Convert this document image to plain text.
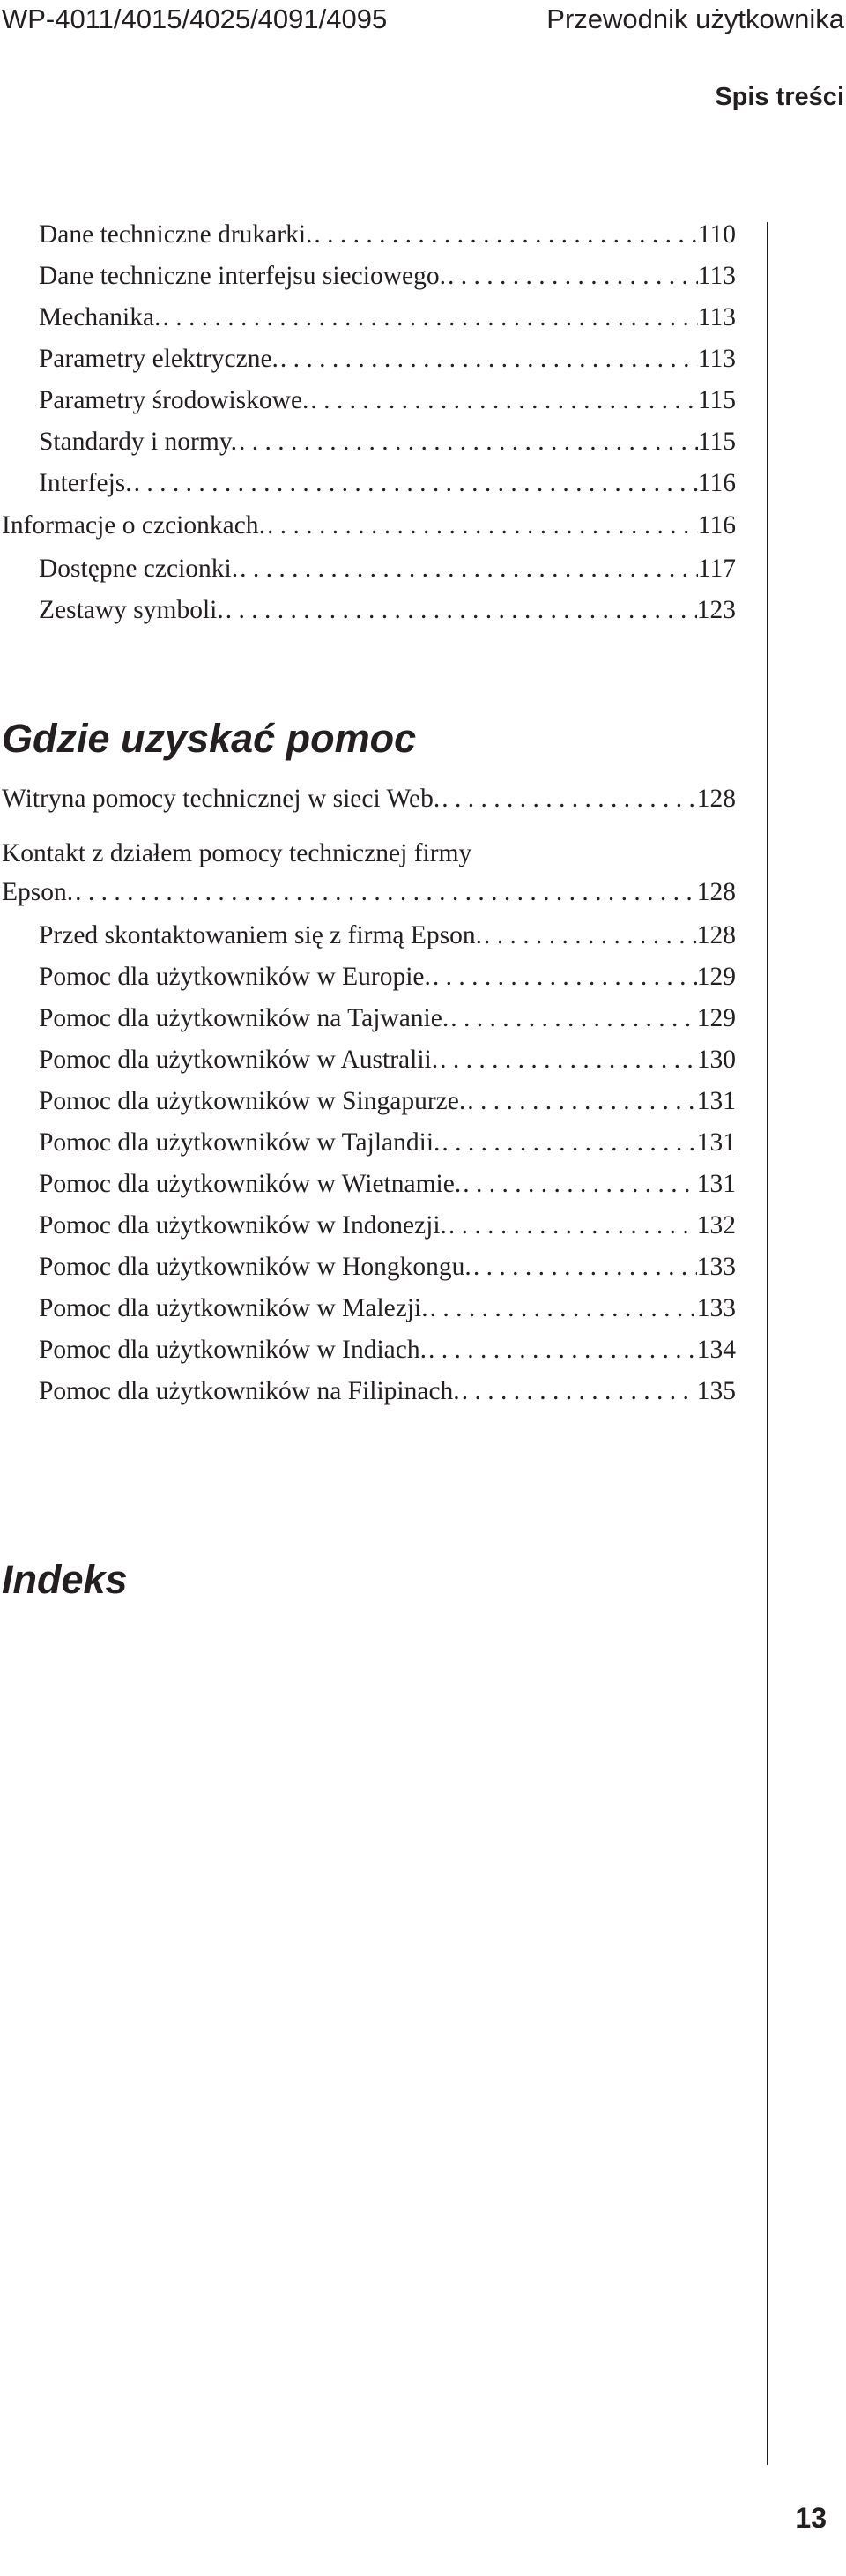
WP-4011/4015/4025/4091/4095	Przewodnik użytkownika
Spis treści
Dane techniczne drukarki. . . .	110
Dane techniczne interfejsu sieciowego. . . .	113
Mechanika. . . .	113
Parametry elektryczne. . . .	113
Parametry środowiskowe. . . .	115
Standardy i normy. . . .	115
Interfejs. . . .	116
Informacje o czcionkach. . . .	116
Dostępne czcionki. . . .	117
Zestawy symboli. . . .	123
Gdzie uzyskać pomoc
Witryna pomocy technicznej w sieci Web. . . .	128
Kontakt z działem pomocy technicznej firmy
Epson. . . .	128
Przed skontaktowaniem się z firmą Epson. . . .	128
Pomoc dla użytkowników w Europie. . . .	129
Pomoc dla użytkowników na Tajwanie. . . .	129
Pomoc dla użytkowników w Australii. . . .	130
Pomoc dla użytkowników w Singapurze. . . .	131
Pomoc dla użytkowników w Tajlandii. . . .	131
Pomoc dla użytkowników w Wietnamie. . . .	131
Pomoc dla użytkowników w Indonezji. . . .	132
Pomoc dla użytkowników w Hongkongu. . . .	133
Pomoc dla użytkowników w Malezji. . . .	133
Pomoc dla użytkowników w Indiach. . . .	134
Pomoc dla użytkowników na Filipinach. . . .	135
Indeks
13
